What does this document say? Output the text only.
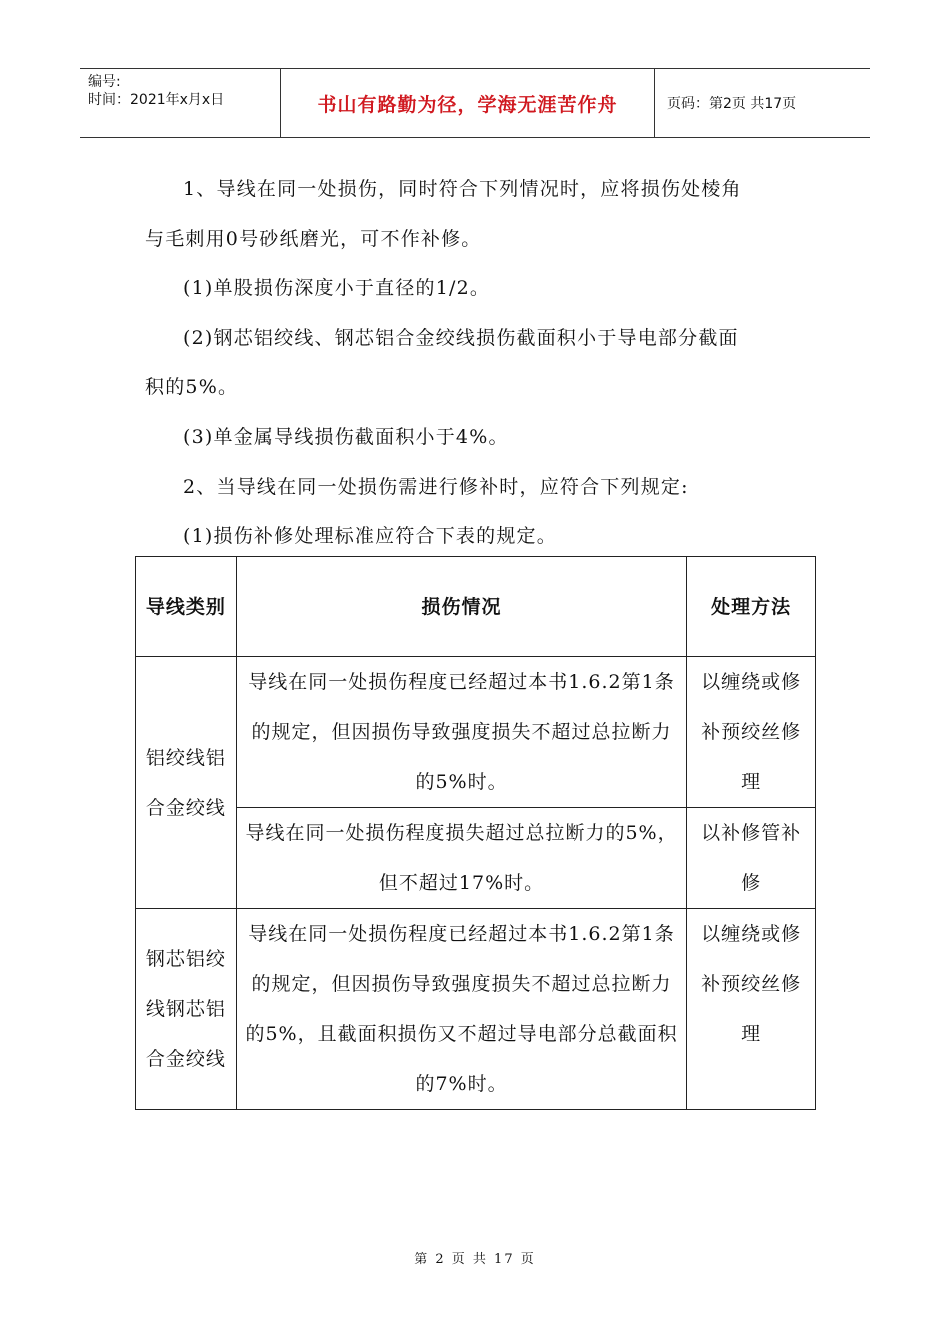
编号:
时间：2021年x月x日	书山有路勤为径，学海无涯苦作舟	页码：第2页 共17页
1、导线在同一处损伤，同时符合下列情况时，应将损伤处棱角
与毛刺用0号砂纸磨光，可不作补修。
(1)单股损伤深度小于直径的1/2。
(2)钢芯铝绞线、钢芯铝合金绞线损伤截面积小于导电部分截面
积的5%。
(3)单金属导线损伤截面积小于4%。
2、当导线在同一处损伤需进行修补时，应符合下列规定:
(1)损伤补修处理标准应符合下表的规定。
导线类别	损伤情况	处理方法
铝绞线铝合金绞线	导线在同一处损伤程度已经超过本书1.6.2第1条的规定，但因损伤导致强度损失不超过总拉断力的5%时。	以缠绕或修补预绞丝修理
	导线在同一处损伤程度损失超过总拉断力的5%，但不超过17%时。	以补修管补修
钢芯铝绞线钢芯铝合金绞线	导线在同一处损伤程度已经超过本书1.6.2第1条的规定，但因损伤导致强度损失不超过总拉断力的5%，且截面积损伤又不超过导电部分总截面积的7%时。	以缠绕或修补预绞丝修理
第 2 页 共 17 页
